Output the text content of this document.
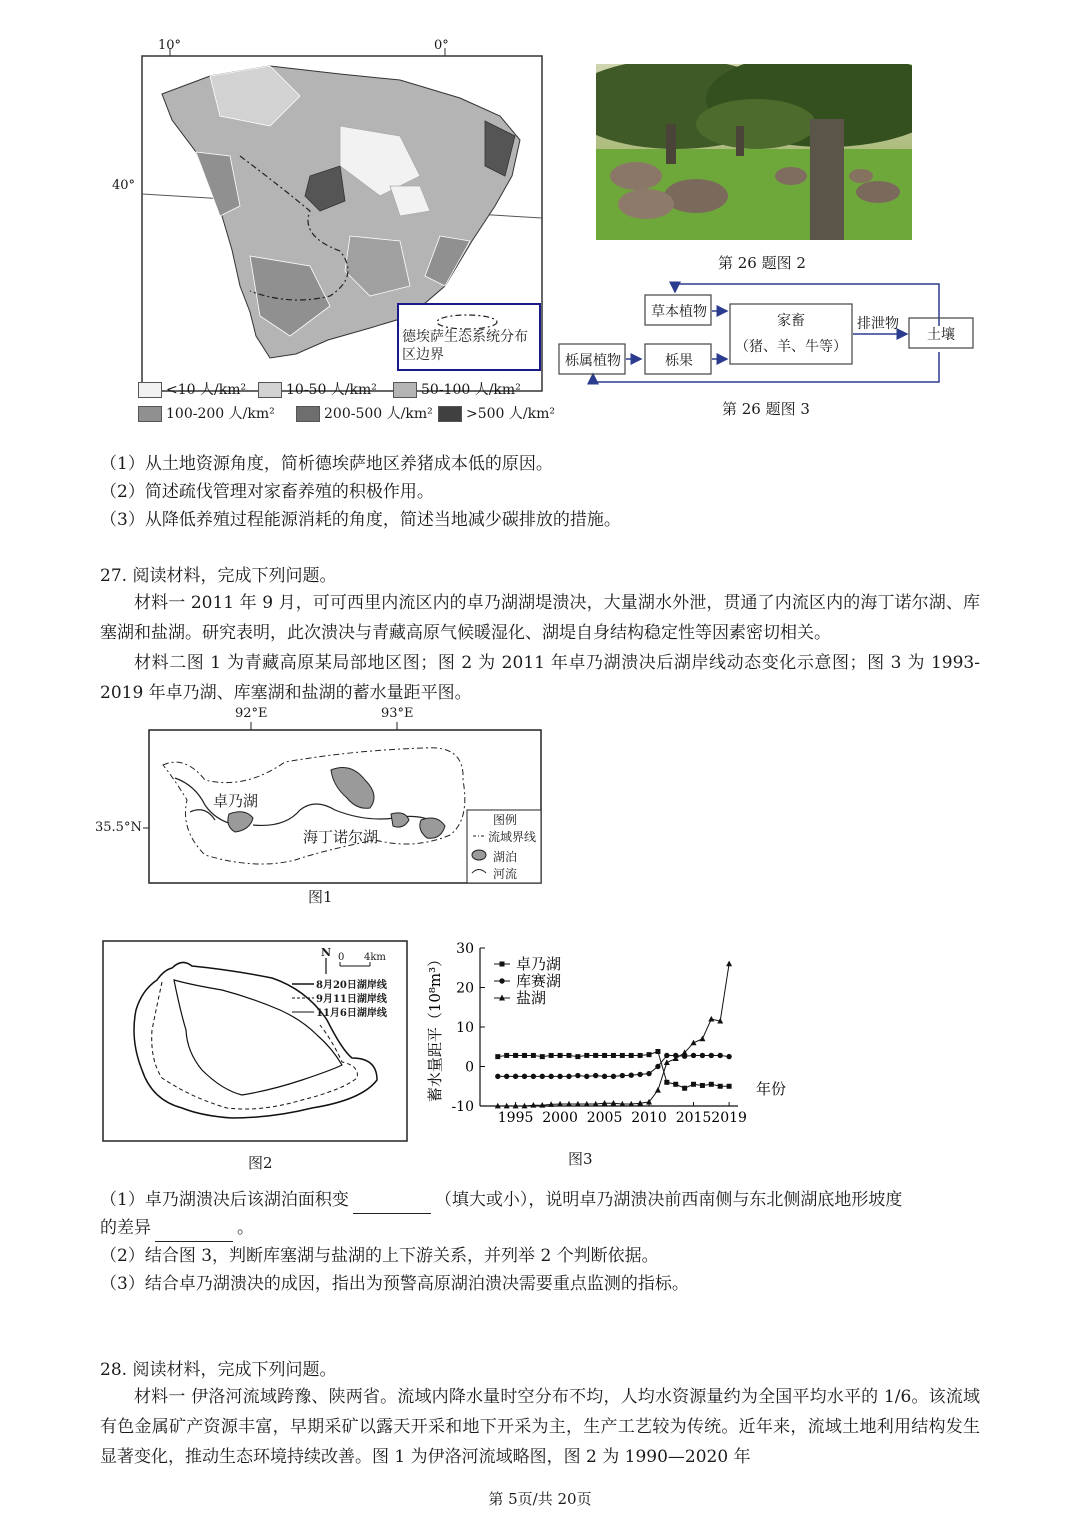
德埃萨生态系统分布区边界
10°	0°
40°
<10 人/km²	10-50 人/km²	50-100 人/km²
100-200 人/km²	200-500 人/km² >500 人/km²
第 26 题图 2
草本植物
栎属植物	栎果
家畜
（猪、羊、牛等）
排泄物
土壤
第 26 题图 3
（1）从土地资源角度，简析德埃萨地区养猪成本低的原因。
（2）简述疏伐管理对家畜养殖的积极作用。
（3）从降低养殖过程能源消耗的角度，简述当地减少碳排放的措施。
27. 阅读材料，完成下列问题。
材料一 2011 年 9 月，可可西里内流区内的卓乃湖湖堤溃决，大量湖水外泄，贯通了内流区内的海丁诺尔湖、库塞湖和盐湖。研究表明，此次溃决与青藏高原气候暖湿化、湖堤自身结构稳定性等因素密切相关。
材料二图 1 为青藏高原某局部地区图；图 2 为 2011 年卓乃湖溃决后湖岸线动态变化示意图；图 3 为 1993-2019 年卓乃湖、库塞湖和盐湖的蓄水量距平图。
92°E	93°E
35.5°N
卓乃湖
海丁诺尔湖
图例
流域界线
湖泊
河流
图1
N 0 4km
8月20日湖岸线
9月11日湖岸线
11月6日湖岸线
图2
-10
0
10
20
30
1995 2000 2005 2010 2015 2019
年份
蓄水量距平（10⁸m³）	卓乃湖
库赛湖
盐湖
图3
（1）卓乃湖溃决后该湖泊面积变	（填大或小），说明卓乃湖溃决前西南侧与东北侧湖底地形坡度
的差异	。
（2）结合图 3，判断库塞湖与盐湖的上下游关系，并列举 2 个判断依据。
（3）结合卓乃湖溃决的成因，指出为预警高原湖泊溃决需要重点监测的指标。
28. 阅读材料，完成下列问题。
材料一 伊洛河流域跨豫、陕两省。流域内降水量时空分布不均，人均水资源量约为全国平均水平的 1/6。该流域有色金属矿产资源丰富，早期采矿以露天开采和地下开采为主，生产工艺较为传统。近年来，流域土地利用结构发生显著变化，推动生态环境持续改善。图 1 为伊洛河流域略图，图 2 为 1990—2020 年
第 5页/共 20页
